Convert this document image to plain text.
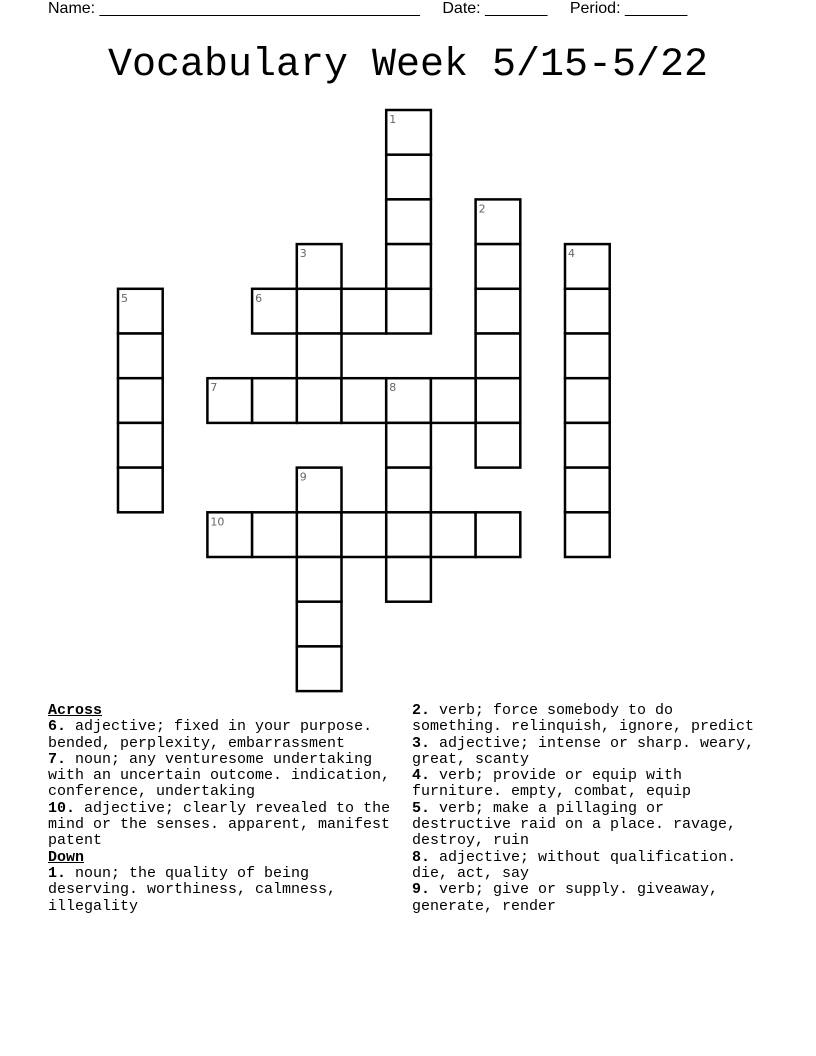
Name: ____________________________________ Date: _______ Period: _______
Vocabulary Week 5/15-5/22
1
2
3	4
5	6
7	8
9
10
Across
6. adjective; fixed in your purpose. bended, perplexity, embarrassment
7. noun; any venturesome undertaking with an uncertain outcome. indication, conference, undertaking
10. adjective; clearly revealed to the mind or the senses. apparent, manifest patent
Down
1. noun; the quality of being deserving. worthiness, calmness, illegality
2. verb; force somebody to do something. relinquish, ignore, predict
3. adjective; intense or sharp. weary, great, scanty
4. verb; provide or equip with furniture. empty, combat, equip
5. verb; make a pillaging or destructive raid on a place. ravage, destroy, ruin
8. adjective; without qualification. die, act, say
9. verb; give or supply. giveaway, generate, render
